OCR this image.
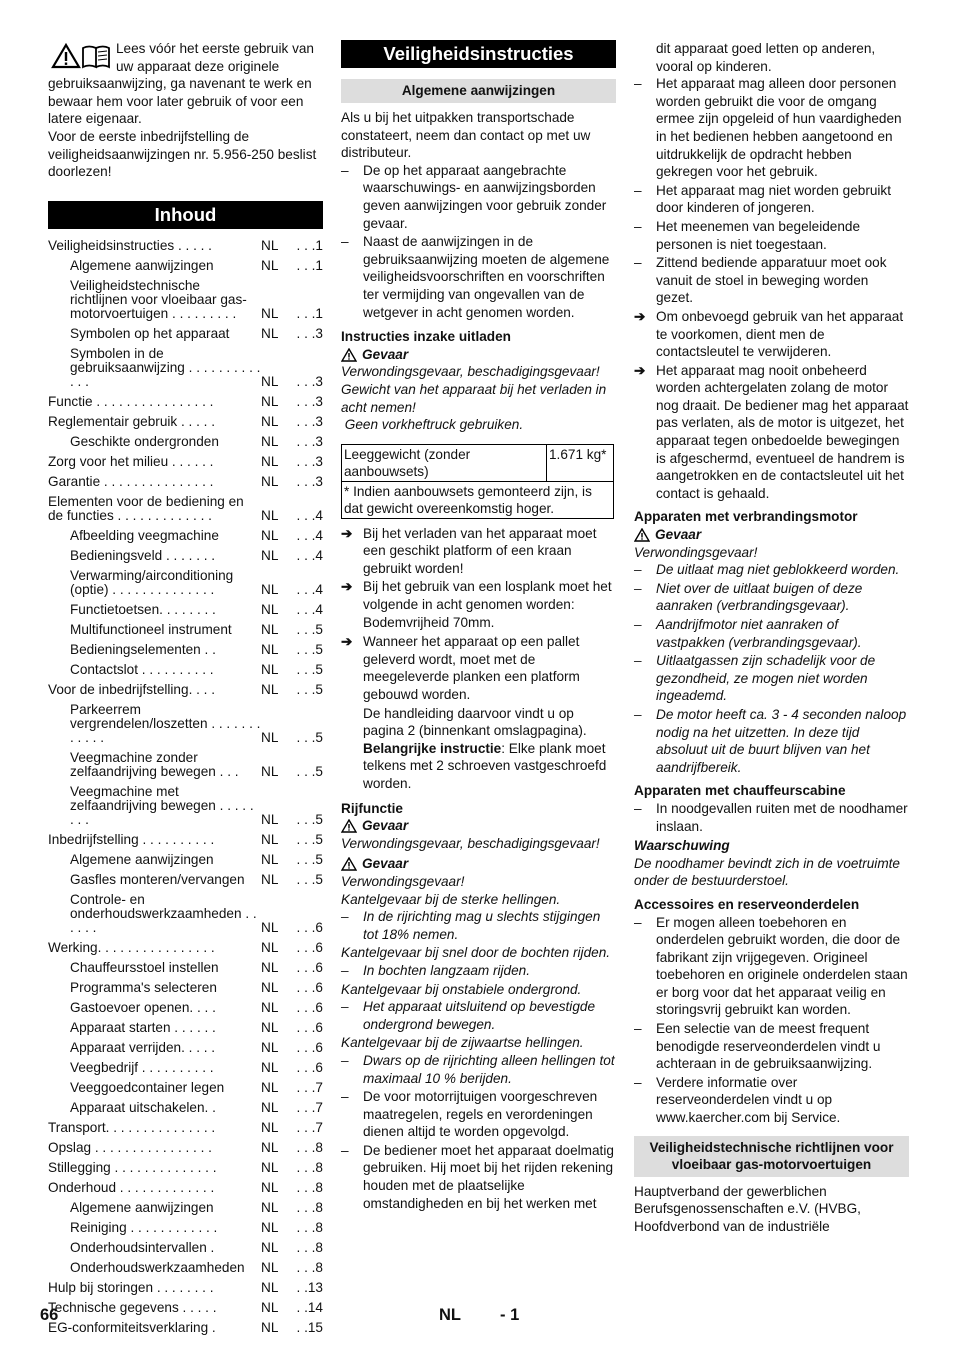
Lees vóór het eerste gebruik van uw apparaat deze originele gebruiksaanwijzing, ga navenant te werk en bewaar hem voor later gebruik of voor een latere eigenaar.

Voor de eerste inbedrijfstelling de veiligheidsaanwijzingen nr. 5.956-250 beslist doorlezen!

Inhoud
Veiligheidsinstructies . . . . .	NL	. . .1
Algemene aanwijzingen	NL	. . .1
Veiligheidstechnische richtlijnen voor vloeibaar gas-motorvoertuigen . . . . . . . . .	NL	. . .1
Symbolen op het apparaat	NL	. . .3
Symbolen in de gebruiksaanwijzing . . . . . . . . . . . . .	NL	. . .3
Functie . . . . . . . . . . . . . . . .	NL	. . .3
Reglementair gebruik . . . . .	NL	. . .3
Geschikte ondergronden	NL	. . .3
Zorg voor het milieu . . . . . .	NL	. . .3
Garantie . . . . . . . . . . . . . . .	NL	. . .3
Elementen voor de bediening en de functies . . . . . . . . . . . . .	NL	. . .4
Afbeelding veegmachine	NL	. . .4
Bedieningsveld . . . . . . .	NL	. . .4
Verwarming/airconditioning (optie) . . . . . . . . . . . . . .	NL	. . .4
Functietoetsen. . . . . . . .	NL	. . .4
Multifunctioneel instrument	NL	. . .5
Bedieningselementen . .	NL	. . .5
Contactslot . . . . . . . . . .	NL	. . .5
Voor de inbedrijfstelling. . . .	NL	. . .5
Parkeerrem vergrendelen/loszetten . . . . . . . . . . . .	NL	. . .5
Veegmachine zonder zelfaandrijving bewegen . . .	NL	. . .5
Veegmachine met zelfaandrijving bewegen . . . . . . . .	NL	. . .5
Inbedrijfstelling . . . . . . . . . .	NL	. . .5
Algemene aanwijzingen	NL	. . .5
Gasfles monteren/vervangen	NL	. . .5
Controle- en onderhoudswerkzaamheden . . . . . .	NL	. . .6
Werking. . . . . . . . . . . . . . . .	NL	. . .6
Chauffeursstoel instellen	NL	. . .6
Programma's selecteren	NL	. . .6
Gastoevoer openen. . . .	NL	. . .6
Apparaat starten . . . . . .	NL	. . .6
Apparaat verrijden. . . . .	NL	. . .6
Veegbedrijf . . . . . . . . . .	NL	. . .6
Veeggoedcontainer legen	NL	. . .7
Apparaat uitschakelen. .	NL	. . .7
Transport. . . . . . . . . . . . . . .	NL	. . .7
Opslag . . . . . . . . . . . . . . . .	NL	. . .8
Stillegging . . . . . . . . . . . . . .	NL	. . .8
Onderhoud . . . . . . . . . . . . .	NL	. . .8
Algemene aanwijzingen	NL	. . .8
Reiniging . . . . . . . . . . . .	NL	. . .8
Onderhoudsintervallen .	NL	. . .8
Onderhoudswerkzaamheden	NL	. . .8
Hulp bij storingen . . . . . . . .	NL	. .13
Technische gegevens . . . . .	NL	. .14
EG-conformiteitsverklaring .	NL	. .15
Veiligheidsinstructies
Algemene aanwijzingen

Als u bij het uitpakken transportschade constateert, neem dan contact op met uw distributeur.

– De op het apparaat aangebrachte waarschuwings- en aanwijzingsborden geven aanwijzingen voor gebruik zonder gevaar.
– Naast de aanwijzingen in de gebruiksaanwijzing moeten de algemene veiligheidsvoorschriften en voorschriften ter vermijding van ongevallen van de wetgever in acht genomen worden.
Instructies inzake uitladen
Gevaar

Verwondingsgevaar, beschadigingsgevaar!

Gewicht van het apparaat bij het verladen in acht nemen!

Geen vorkheftruck gebruiken.

Leeggewicht (zonder aanbouwsets)	1.671 kg*
* Indien aanbouwsets gemonteerd zijn, is dat gewicht overeenkomstig hoger.
➔ Bij het verladen van het apparaat moet een geschikt platform of een kraan gebruikt worden!
➔ Bij het gebruik van een losplank moet het volgende in acht genomen worden: Bodemvrijheid 70mm.
➔ Wanneer het apparaat op een pallet geleverd wordt, moet met de meegeleverde planken een platform gebouwd worden.

De handleiding daarvoor vindt u op pagina 2 (binnenkant omslagpagina).

Belangrijke instructie: Elke plank moet telkens met 2 schroeven vastgeschroefd worden.

Rijfunctie
Gevaar

Verwondingsgevaar, beschadigingsgevaar!

Gevaar

Verwondingsgevaar!

Kantelgevaar bij de sterke hellingen.

– In de rijrichting mag u slechts stijgingen tot 18% nemen.

Kantelgevaar bij snel door de bochten rijden.

– In bochten langzaam rijden.

Kantelgevaar bij onstabiele ondergrond.

– Het apparaat uitsluitend op bevestigde ondergrond bewegen.

Kantelgevaar bij de zijwaartse hellingen.

– Dwars op de rijrichting alleen hellingen tot maximaal 10 % berijden.
– De voor motorrijtuigen voorgeschreven maatregelen, regels en verordeningen dienen altijd te worden opgevolgd.
– De bediener moet het apparaat doelmatig gebruiken. Hij moet bij het rijden rekening houden met de plaatselijke omstandigheden en bij het werken met

dit apparaat goed letten op anderen, vooral op kinderen.

– Het apparaat mag alleen door personen worden gebruikt die voor de omgang ermee zijn opgeleid of hun vaardigheden in het bedienen hebben aangetoond en uitdrukkelijk de opdracht hebben gekregen voor het gebruik.
– Het apparaat mag niet worden gebruikt door kinderen of jongeren.
– Het meenemen van begeleidende personen is niet toegestaan.
– Zittend bediende apparatuur moet ook vanuit de stoel in beweging worden gezet.
➔ Om onbevoegd gebruik van het apparaat te voorkomen, dient men de contactsleutel te verwijderen.
➔ Het apparaat mag nooit onbeheerd worden achtergelaten zolang de motor nog draait. De bediener mag het apparaat pas verlaten, als de motor is uitgezet, het apparaat tegen onbedoelde bewegingen is afgeschermd, eventueel de handrem is aangetrokken en de contactsleutel uit het contact is gehaald.
Apparaten met verbrandingsmotor
Gevaar

Verwondingsgevaar!

– De uitlaat mag niet geblokkeerd worden.
– Niet over de uitlaat buigen of deze aanraken (verbrandingsgevaar).
– Aandrijfmotor niet aanraken of vastpakken (verbrandingsgevaar).
– Uitlaatgassen zijn schadelijk voor de gezondheid, ze mogen niet worden ingeademd.
– De motor heeft ca. 3 - 4 seconden naloop nodig na het uitzetten. In deze tijd absoluut uit de buurt blijven van het aandrijfbereik.
Apparaten met chauffeurscabine
– In noodgevallen ruiten met de noodhamer inslaan.

Waarschuwing

De noodhamer bevindt zich in de voetruimte onder de bestuurderstoel.

Accessoires en reserveonderdelen
– Er mogen alleen toebehoren en onderdelen gebruikt worden, die door de fabrikant zijn vrijgegeven. Origineel toebehoren en originele onderdelen staan er borg voor dat het apparaat veilig en storingsvrij gebruikt kan worden.
– Een selectie van de meest frequent benodigde reserveonderdelen vindt u achteraan in de gebruiksaanwijzing.
– Verdere informatie over reserveonderdelen vindt u op www.kaercher.com bij Service.
Veiligheidstechnische richtlijnen voor vloeibaar gas-motorvoertuigen

Hauptverband der gewerblichen Berufsgenossenschaften e.V. (HVBG, Hoofdverbond van de industriële

66	NL - 1
